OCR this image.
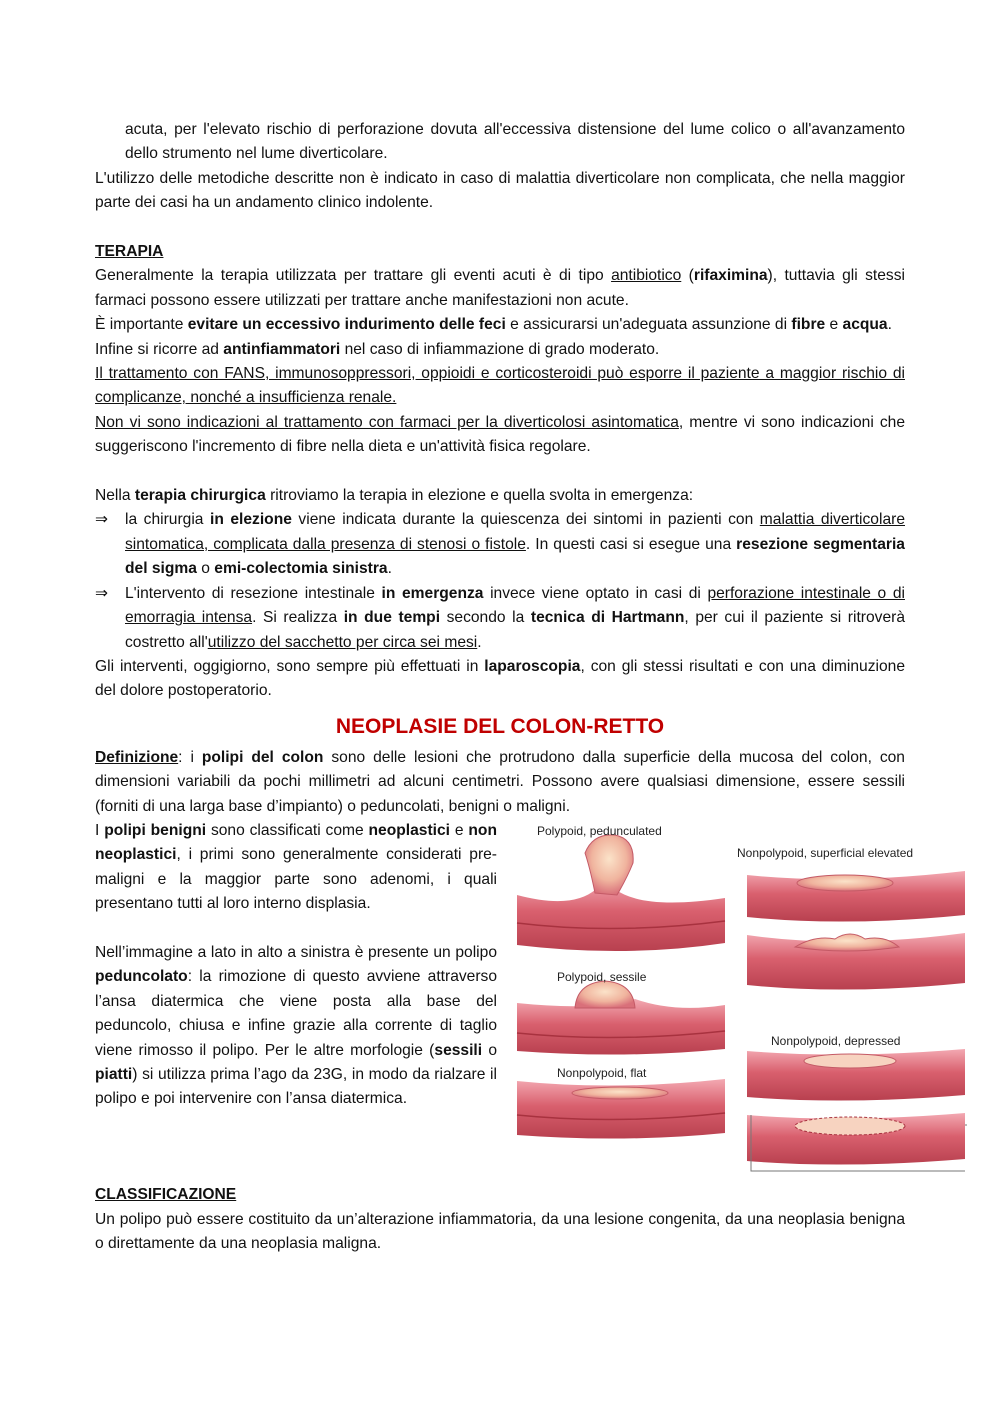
acuta, per l'elevato rischio di perforazione dovuta all'eccessiva distensione del lume colico o all'avanzamento dello strumento nel lume diverticolare.

L'utilizzo delle metodiche descritte non è indicato in caso di malattia diverticolare non complicata, che nella maggior parte dei casi ha un andamento clinico indolente.

TERAPIA

Generalmente la terapia utilizzata per trattare gli eventi acuti è di tipo antibiotico (rifaximina), tuttavia gli stessi farmaci possono essere utilizzati per trattare anche manifestazioni non acute.

È importante evitare un eccessivo indurimento delle feci e assicurarsi un'adeguata assunzione di fibre e acqua.

Infine si ricorre ad antinfiammatori nel caso di infiammazione di grado moderato.

Il trattamento con FANS, immunosoppressori, oppioidi e corticosteroidi può esporre il paziente a maggior rischio di complicanze, nonché a insufficienza renale.

Non vi sono indicazioni al trattamento con farmaci per la diverticolosi asintomatica, mentre vi sono indicazioni che suggeriscono l'incremento di fibre nella dieta e un'attività fisica regolare.

Nella terapia chirurgica ritroviamo la terapia in elezione e quella svolta in emergenza:

⇒ la chirurgia in elezione viene indicata durante la quiescenza dei sintomi in pazienti con malattia diverticolare sintomatica, complicata dalla presenza di stenosi o fistole. In questi casi si esegue una resezione segmentaria del sigma o emi-colectomia sinistra.
⇒ L'intervento di resezione intestinale in emergenza invece viene optato in casi di perforazione intestinale o di emorragia intensa. Si realizza in due tempi secondo la tecnica di Hartmann, per cui il paziente si ritroverà costretto all'utilizzo del sacchetto per circa sei mesi.

Gli interventi, oggigiorno, sono sempre più effettuati in laparoscopia, con gli stessi risultati e con una diminuzione del dolore postoperatorio.

NEOPLASIE DEL COLON-RETTO

Definizione: i polipi del colon sono delle lesioni che protrudono dalla superficie della mucosa del colon, con dimensioni variabili da pochi millimetri ad alcuni centimetri. Possono avere qualsiasi dimensione, essere sessili (forniti di una larga base d’impianto) o peduncolati, benigni o maligni.

I polipi benigni sono classificati come neoplastici e non neoplastici, i primi sono generalmente considerati pre-maligni e la maggior parte sono adenomi, i quali presentano tutti al loro interno displasia.

Nell’immagine a lato in alto a sinistra è presente un polipo peduncolato: la rimozione di questo avviene attraverso l’ansa diatermica che viene posta alla base del peduncolo, chiusa e infine grazie alla corrente di taglio viene rimosso il polipo. Per le altre morfologie (sessili o piatti) si utilizza prima l’ago da 23G, in modo da rialzare il polipo e poi intervenire con l’ansa diatermica.

Polypoid, pedunculated
Nonpolypoid, superficial elevated
Polypoid, sessile
Nonpolypoid, depressed
Nonpolypoid, flat
CLASSIFICAZIONE

Un polipo può essere costituito da un’alterazione infiammatoria, da una lesione congenita, da una neoplasia benigna o direttamente da una neoplasia maligna.
